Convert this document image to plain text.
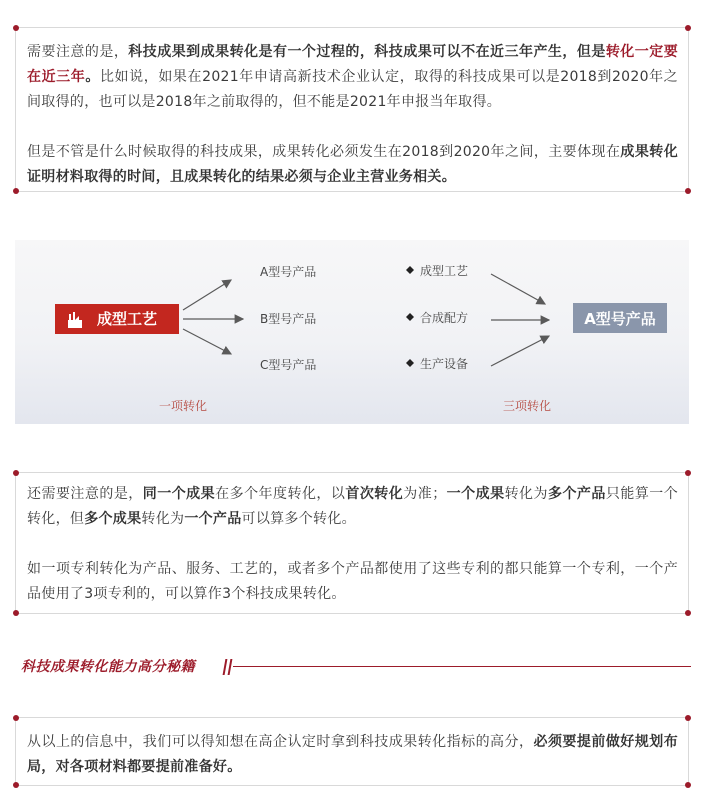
需要注意的是，科技成果到成果转化是有一个过程的，科技成果可以不在近三年产生，但是转化一定要在近三年。比如说，如果在2021年申请高新技术企业认定，取得的科技成果可以是2018到2020年之间取得的，也可以是2018年之前取得的，但不能是2021年申报当年取得。

但是不管是什么时候取得的科技成果，成果转化必须发生在2018到2020年之间，主要体现在成果转化证明材料取得的时间，且成果转化的结果必须与企业主营业务相关。

成型工艺
A型号产品
B型号产品
C型号产品
成型工艺
合成配方
生产设备
A型号产品
一项转化	三项转化

还需要注意的是，同一个成果在多个年度转化，以首次转化为准；一个成果转化为多个产品只能算一个转化，但多个成果转化为一个产品可以算多个转化。

如一项专利转化为产品、服务、工艺的，或者多个产品都使用了这些专利的都只能算一个专利，一个产品使用了3项专利的，可以算作3个科技成果转化。

科技成果转化能力高分秘籍

从以上的信息中，我们可以得知想在高企认定时拿到科技成果转化指标的高分，必须要提前做好规划布局，对各项材料都要提前准备好。
